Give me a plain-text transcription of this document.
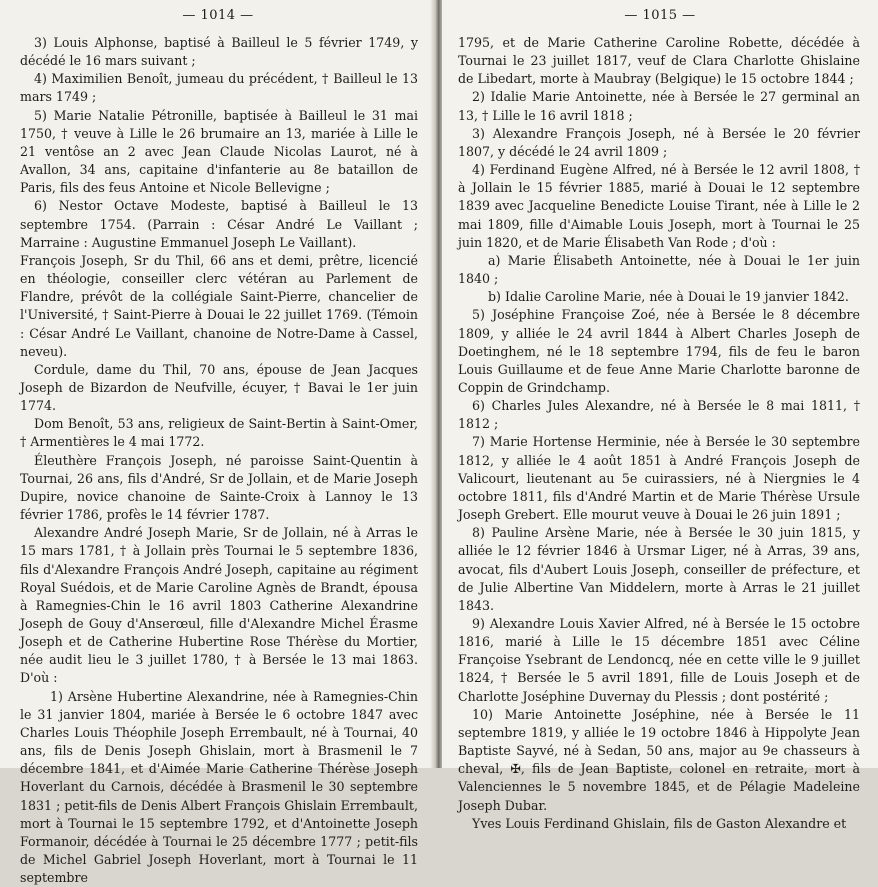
— 1014 —

3) Louis Alphonse, baptisé à Bailleul le 5 février 1749, y décédé le 16 mars suivant ;

4) Maximilien Benoît, jumeau du précédent, † Bailleul le 13 mars 1749 ;

5) Marie Natalie Pétronille, baptisée à Bailleul le 31 mai 1750, † veuve à Lille le 26 brumaire an 13, mariée à Lille le 21 ventôse an 2 avec Jean Claude Nicolas Laurot, né à Avallon, 34 ans, capitaine d'infanterie au 8e bataillon de Paris, fils des feus Antoine et Nicole Bellevigne ;

6) Nestor Octave Modeste, baptisé à Bailleul le 13 septembre 1754. (Parrain : César André Le Vaillant ; Marraine : Augustine Emmanuel Joseph Le Vaillant).

François Joseph, Sr du Thil, 66 ans et demi, prêtre, licencié en théologie, conseiller clerc vétéran au Parlement de Flandre, prévôt de la collégiale Saint-Pierre, chancelier de l'Université, † Saint-Pierre à Douai le 22 juillet 1769. (Témoin : César André Le Vaillant, chanoine de Notre-Dame à Cassel, neveu).

Cordule, dame du Thil, 70 ans, épouse de Jean Jacques Joseph de Bizardon de Neufville, écuyer, † Bavai le 1er juin 1774.

Dom Benoît, 53 ans, religieux de Saint-Bertin à Saint-Omer, † Armentières le 4 mai 1772.

Éleuthère François Joseph, né paroisse Saint-Quentin à Tournai, 26 ans, fils d'André, Sr de Jollain, et de Marie Joseph Dupire, novice chanoine de Sainte-Croix à Lannoy le 13 février 1786, profès le 14 février 1787.

Alexandre André Joseph Marie, Sr de Jollain, né à Arras le 15 mars 1781, † à Jollain près Tournai le 5 septembre 1836, fils d'Alexandre François André Joseph, capitaine au régiment Royal Suédois, et de Marie Caroline Agnès de Brandt, épousa à Ramegnies-Chin le 16 avril 1803 Catherine Alexandrine Joseph de Gouy d'Anserœul, fille d'Alexandre Michel Érasme Joseph et de Catherine Hubertine Rose Thérèse du Mortier, née audit lieu le 3 juillet 1780, † à Bersée le 13 mai 1863. D'où :

1) Arsène Hubertine Alexandrine, née à Ramegnies-Chin le 31 janvier 1804, mariée à Bersée le 6 octobre 1847 avec Charles Louis Théophile Joseph Errembault, né à Tournai, 40 ans, fils de Denis Joseph Ghislain, mort à Brasmenil le 7 décembre 1841, et d'Aimée Marie Catherine Thérèse Joseph Hoverlant du Carnois, décédée à Brasmenil le 30 septembre 1831 ; petit-fils de Denis Albert François Ghislain Errembault, mort à Tournai le 15 septembre 1792, et d'Antoinette Joseph Formanoir, décédée à Tournai le 25 décembre 1777 ; petit-fils de Michel Gabriel Joseph Hoverlant, mort à Tournai le 11 septembre

— 1015 —

1795, et de Marie Catherine Caroline Robette, décédée à Tournai le 23 juillet 1817, veuf de Clara Charlotte Ghislaine de Libedart, morte à Maubray (Belgique) le 15 octobre 1844 ;

2) Idalie Marie Antoinette, née à Bersée le 27 germinal an 13, † Lille le 16 avril 1818 ;

3) Alexandre François Joseph, né à Bersée le 20 février 1807, y décédé le 24 avril 1809 ;

4) Ferdinand Eugène Alfred, né à Bersée le 12 avril 1808, † à Jollain le 15 février 1885, marié à Douai le 12 septembre 1839 avec Jacqueline Benedicte Louise Tirant, née à Lille le 2 mai 1809, fille d'Aimable Louis Joseph, mort à Tournai le 25 juin 1820, et de Marie Élisabeth Van Rode ; d'où :

a) Marie Élisabeth Antoinette, née à Douai le 1er juin 1840 ;

b) Idalie Caroline Marie, née à Douai le 19 janvier 1842.

5) Joséphine Françoise Zoé, née à Bersée le 8 décembre 1809, y alliée le 24 avril 1844 à Albert Charles Joseph de Doetinghem, né le 18 septembre 1794, fils de feu le baron Louis Guillaume et de feue Anne Marie Charlotte baronne de Coppin de Grindchamp.

6) Charles Jules Alexandre, né à Bersée le 8 mai 1811, † 1812 ;

7) Marie Hortense Herminie, née à Bersée le 30 septembre 1812, y alliée le 4 août 1851 à André François Joseph de Valicourt, lieutenant au 5e cuirassiers, né à Niergnies le 4 octobre 1811, fils d'André Martin et de Marie Thérèse Ursule Joseph Grebert. Elle mourut veuve à Douai le 26 juin 1891 ;

8) Pauline Arsène Marie, née à Bersée le 30 juin 1815, y alliée le 12 février 1846 à Ursmar Liger, né à Arras, 39 ans, avocat, fils d'Aubert Louis Joseph, conseiller de préfecture, et de Julie Albertine Van Middelern, morte à Arras le 21 juillet 1843.

9) Alexandre Louis Xavier Alfred, né à Bersée le 15 octobre 1816, marié à Lille le 15 décembre 1851 avec Céline Françoise Ysebrant de Lendoncq, née en cette ville le 9 juillet 1824, † Bersée le 5 avril 1891, fille de Louis Joseph et de Charlotte Joséphine Duvernay du Plessis ; dont postérité ;

10) Marie Antoinette Joséphine, née à Bersée le 11 septembre 1819, y alliée le 19 octobre 1846 à Hippolyte Jean Baptiste Sayvé, né à Sedan, 50 ans, major au 9e chasseurs à cheval, ✠, fils de Jean Baptiste, colonel en retraite, mort à Valenciennes le 5 novembre 1845, et de Pélagie Madeleine Joseph Dubar.

Yves Louis Ferdinand Ghislain, fils de Gaston Alexandre et
